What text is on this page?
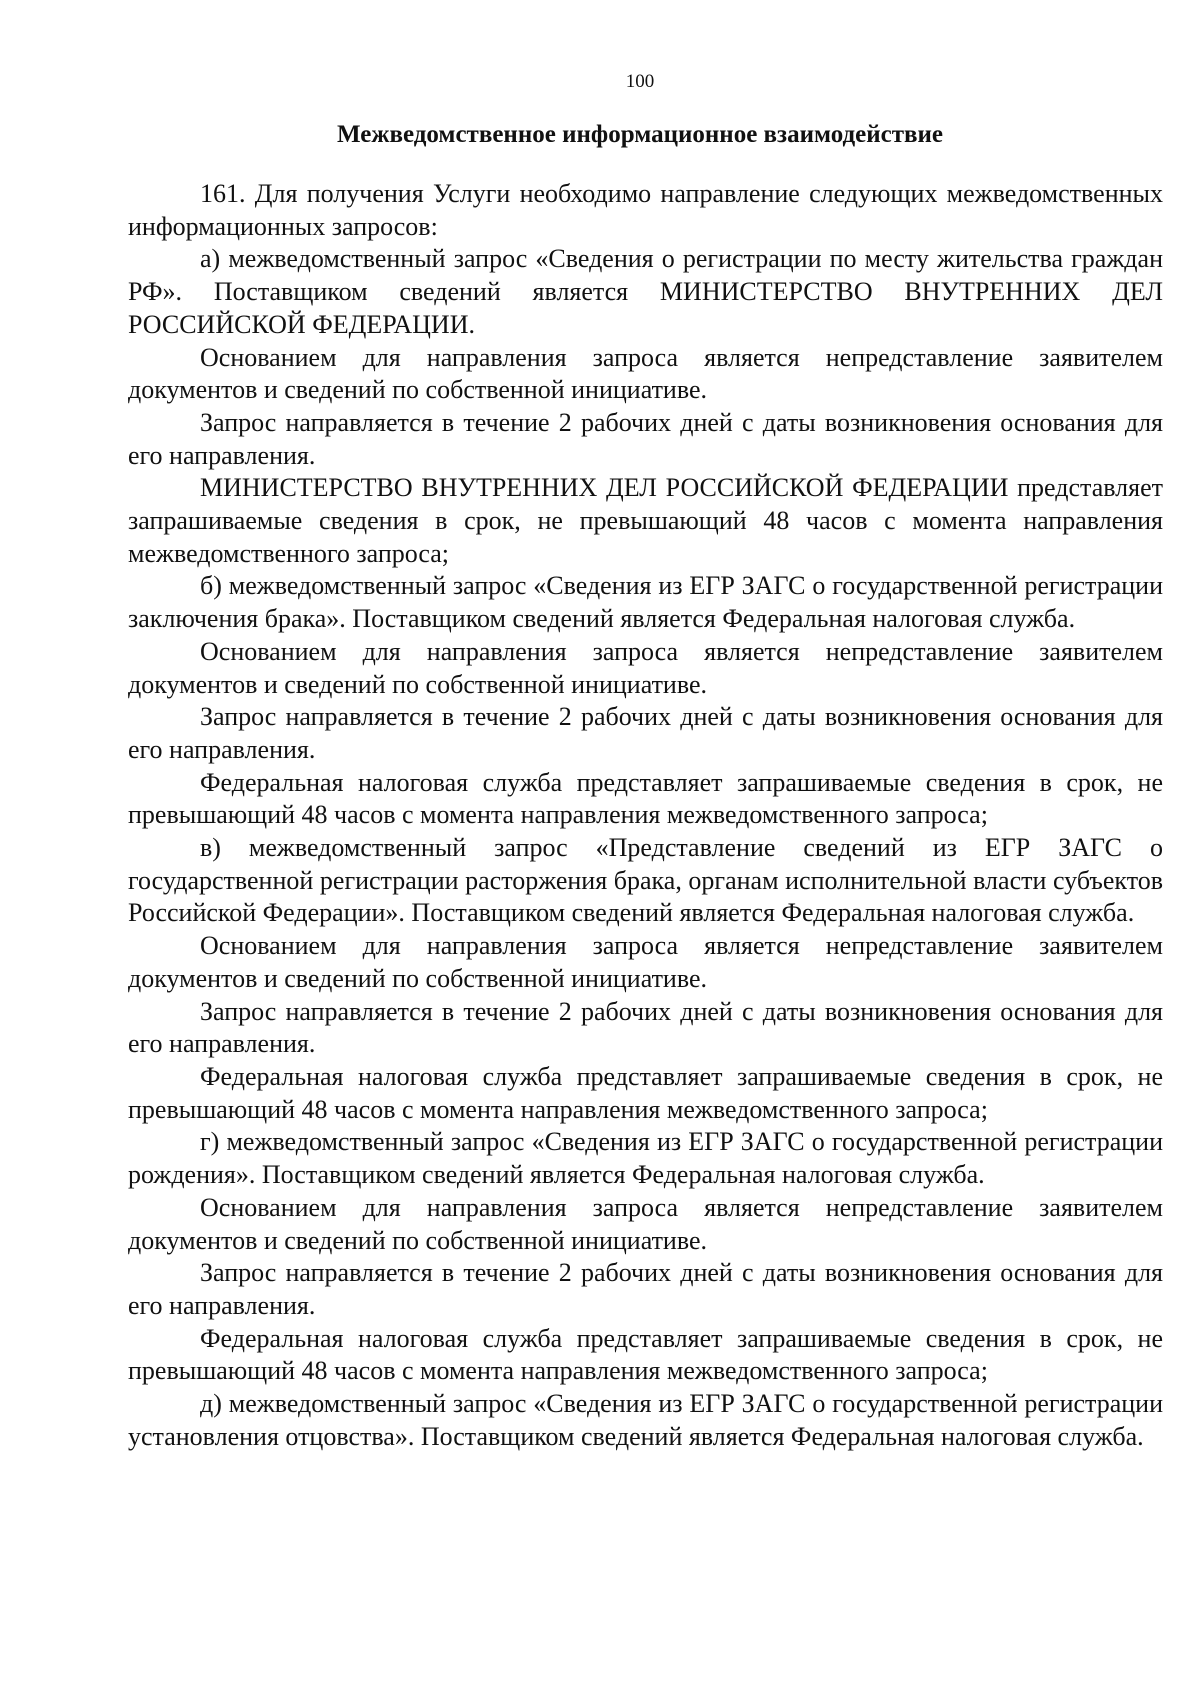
100
Межведомственное информационное взаимодействие

161. Для получения Услуги необходимо направление следующих межведомственных информационных запросов:

а) межведомственный запрос «Сведения о регистрации по месту жительства граждан РФ». Поставщиком сведений является МИНИСТЕРСТВО ВНУТРЕННИХ ДЕЛ РОССИЙСКОЙ ФЕДЕРАЦИИ.

Основанием для направления запроса является непредставление заявителем документов и сведений по собственной инициативе.

Запрос направляется в течение 2 рабочих дней с даты возникновения основания для его направления.

МИНИСТЕРСТВО ВНУТРЕННИХ ДЕЛ РОССИЙСКОЙ ФЕДЕРАЦИИ представляет запрашиваемые сведения в срок, не превышающий 48 часов с момента направления межведомственного запроса;

б) межведомственный запрос «Сведения из ЕГР ЗАГС о государственной регистрации заключения брака». Поставщиком сведений является Федеральная налоговая служба.

Основанием для направления запроса является непредставление заявителем документов и сведений по собственной инициативе.

Запрос направляется в течение 2 рабочих дней с даты возникновения основания для его направления.

Федеральная налоговая служба представляет запрашиваемые сведения в срок, не превышающий 48 часов с момента направления межведомственного запроса;

в) межведомственный запрос «Представление сведений из ЕГР ЗАГС о государственной регистрации расторжения брака, органам исполнительной власти субъектов Российской Федерации». Поставщиком сведений является Федеральная налоговая служба.

Основанием для направления запроса является непредставление заявителем документов и сведений по собственной инициативе.

Запрос направляется в течение 2 рабочих дней с даты возникновения основания для его направления.

Федеральная налоговая служба представляет запрашиваемые сведения в срок, не превышающий 48 часов с момента направления межведомственного запроса;

г) межведомственный запрос «Сведения из ЕГР ЗАГС о государственной регистрации рождения». Поставщиком сведений является Федеральная налоговая служба.

Основанием для направления запроса является непредставление заявителем документов и сведений по собственной инициативе.

Запрос направляется в течение 2 рабочих дней с даты возникновения основания для его направления.

Федеральная налоговая служба представляет запрашиваемые сведения в срок, не превышающий 48 часов с момента направления межведомственного запроса;

д) межведомственный запрос «Сведения из ЕГР ЗАГС о государственной регистрации установления отцовства». Поставщиком сведений является Федеральная налоговая служба.
